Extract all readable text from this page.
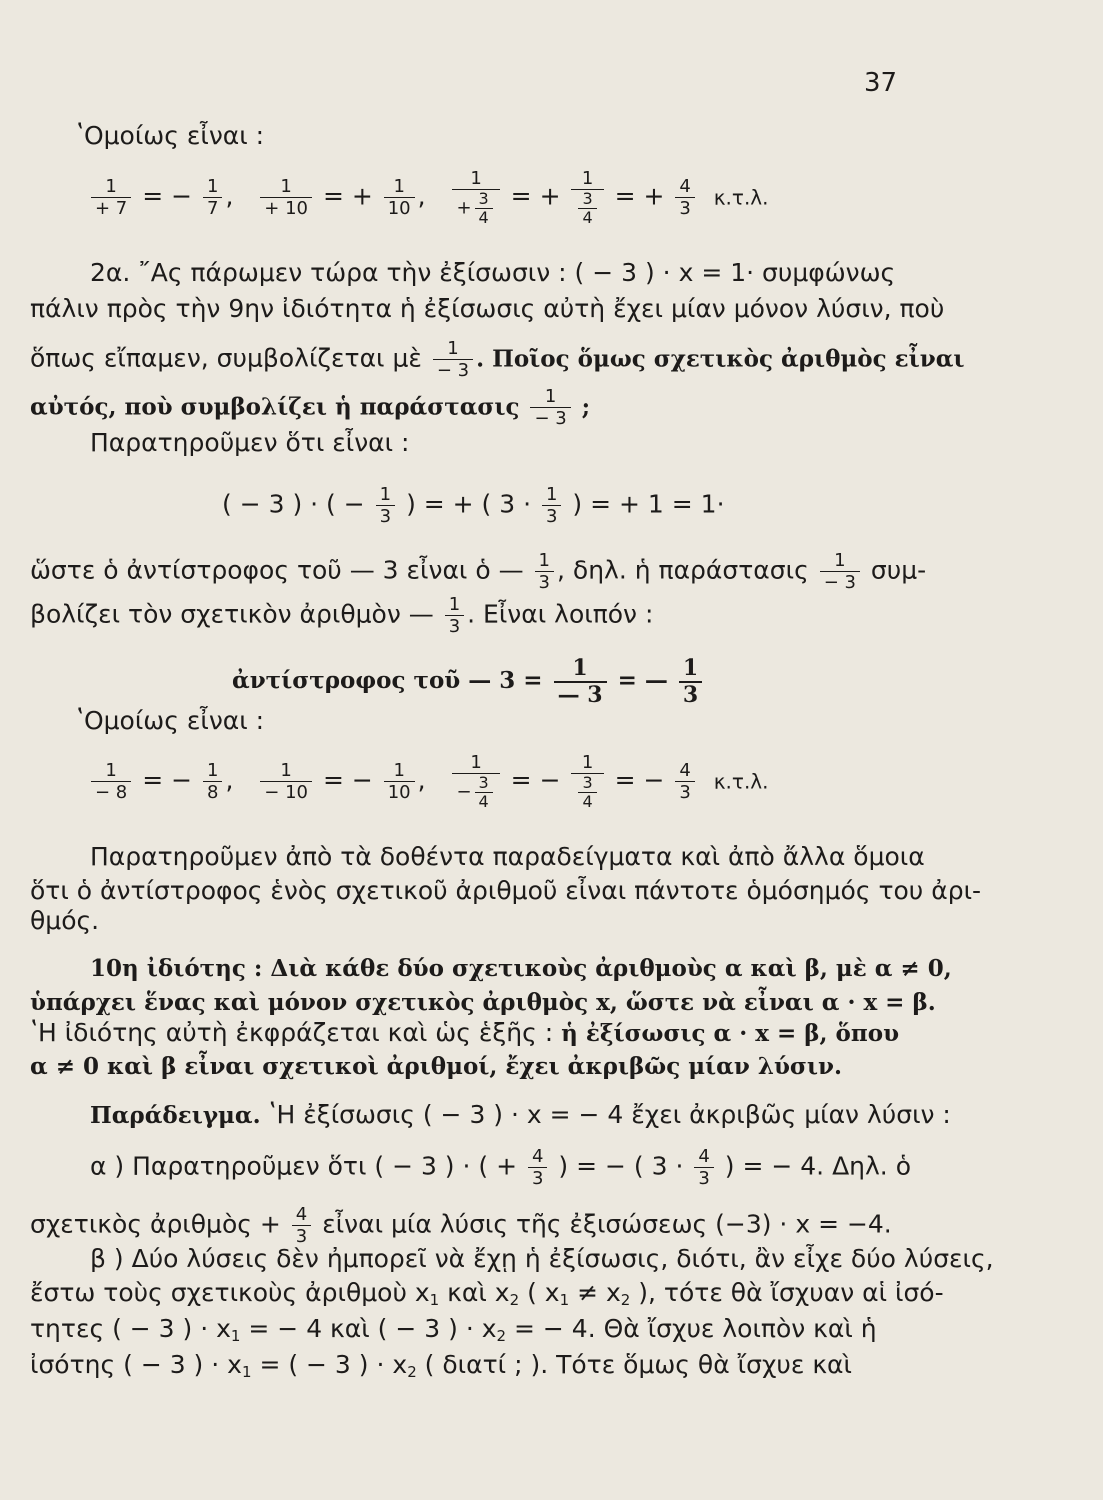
37
ʽΟμοίως εἶναι :
$\frac{1}{+ 7}$ = − $\frac{1}{7}$ , $\frac{1}{+ 10}$ = + $\frac{1}{10}$ , $\frac{1}{+ \frac{3}{4}}$ = + $\frac{1}{\frac{3}{4}}$ = + $\frac{4}{3} \kappa.\tau.\lambda$.
2α. ῎Ας πάρωμεν τώρα τὴν ἐξίσωσιν : ( − 3 ) · x = 1· συμφώνως
πάλιν πρὸς τὴν 9ην ἰδιότητα ἡ ἐξίσωσις αὐτὴ ἔχει μίαν μόνον λύσιν, ποὺ
ὅπως εἴπαμεν, συμβολίζεται μὲ $\frac{1}{- 3}$ . Ποῖος ὅμως σχετικὸς ἀριθμὸς εἶναι
αὐτός, ποὺ συμβολίζει ἡ παράστασις $\frac{1}{- 3}$ ;
Παρατηροῦμεν ὅτι εἶναι :
( − 3 ) · ( − $\frac{1}{3}$ ) = + ( $3 \cdot \frac{1}{3}$ ) = + 1 = 1·
ὥστε ὁ ἀντίστροφος τοῦ — 3 εἶναι ὁ — $\frac{1}{3}$ , δηλ. ἡ παράστασις $\frac{1}{- 3} \sigma\upsilon\mu-$
βολίζει τὸν σχετικὸν ἀριθμὸν — $\frac{1}{3}$ . Εἶναι λοιπόν :
ἀντίστροφος τοῦ — $3 = \frac{1}{— 3}$ = — $\frac{1}{3}$
ʽΟμοίως εἶναι :
$\frac{1}{- 8}$ = − $\frac{1}{8}$ , $\frac{1}{- 10}$ = − $\frac{1}{10}$ , $\frac{1}{- \frac{3}{4}}$ = − $\frac{1}{\frac{3}{4}}$ = − $\frac{4}{3} \kappa.\tau.\lambda$.
Παρατηροῦμεν ἀπὸ τὰ δοθέντα παραδείγματα καὶ ἀπὸ ἄλλα ὅμοια
ὅτι ὁ ἀντίστροφος ἑνὸς σχετικοῦ ἀριθμοῦ εἶναι πάντοτε ὁμόσημός του ἀρι-
θμός.
10η ἰδιότης : Διὰ κάθε δύο σχετικοὺς ἀριθμοὺς α καὶ β, μὲ α ≠ 0,
ὑπάρχει ἕνας καὶ μόνον σχετικὸς ἀριθμὸς x, ὥστε νὰ εἶναι α · x = β.
ʽΗ ἰδιότης αὐτὴ ἐκφράζεται καὶ ὡς ἑξῆς : ἡ ἐξίσωσις α · x = β, ὅπου
α ≠ 0 καὶ β εἶναι σχετικοὶ ἀριθμοί, ἔχει ἀκριβῶς μίαν λύσιν.
Παράδειγμα. ʽΗ ἐξίσωσις ( − 3 ) · x = − 4 ἔχει ἀκριβῶς μίαν λύσιν :
α ) Παρατηροῦμεν ὅτι ( − 3 ) · ( + $\frac{4}{3}$ ) = − ( $3 \cdot \frac{4}{3}$ ) = − 4. Δηλ. ὁ
σχετικὸς ἀριθμὸς + $\frac{4}{3}$ εἶναι μία λύσις τῆς ἐξισώσεως (−3) · x = −4.
β ) Δύο λύσεις δὲν ἠμπορεῖ νὰ ἔχῃ ἡ ἐξίσωσις, διότι, ἂν εἶχε δύο λύσεις,
ἔστω τοὺς σχετικοὺς ἀριθμοὺ $x_1$ καὶ $x_2$ ( $x_1 \ne x_2$ ), τότε θὰ ἴσχυαν αἱ ἰσό-
τητες ( − 3 ) · $x_1$ = − 4 καὶ ( − 3 ) · $x_2$ = − 4. Θὰ ἴσχυε λοιπὸν καὶ ἡ
ἰσότης ( − 3 ) · $x_1$ = ( − 3 ) · $x_2$ ( διατί ; ). Τότε ὅμως θὰ ἴσχυε καὶ
